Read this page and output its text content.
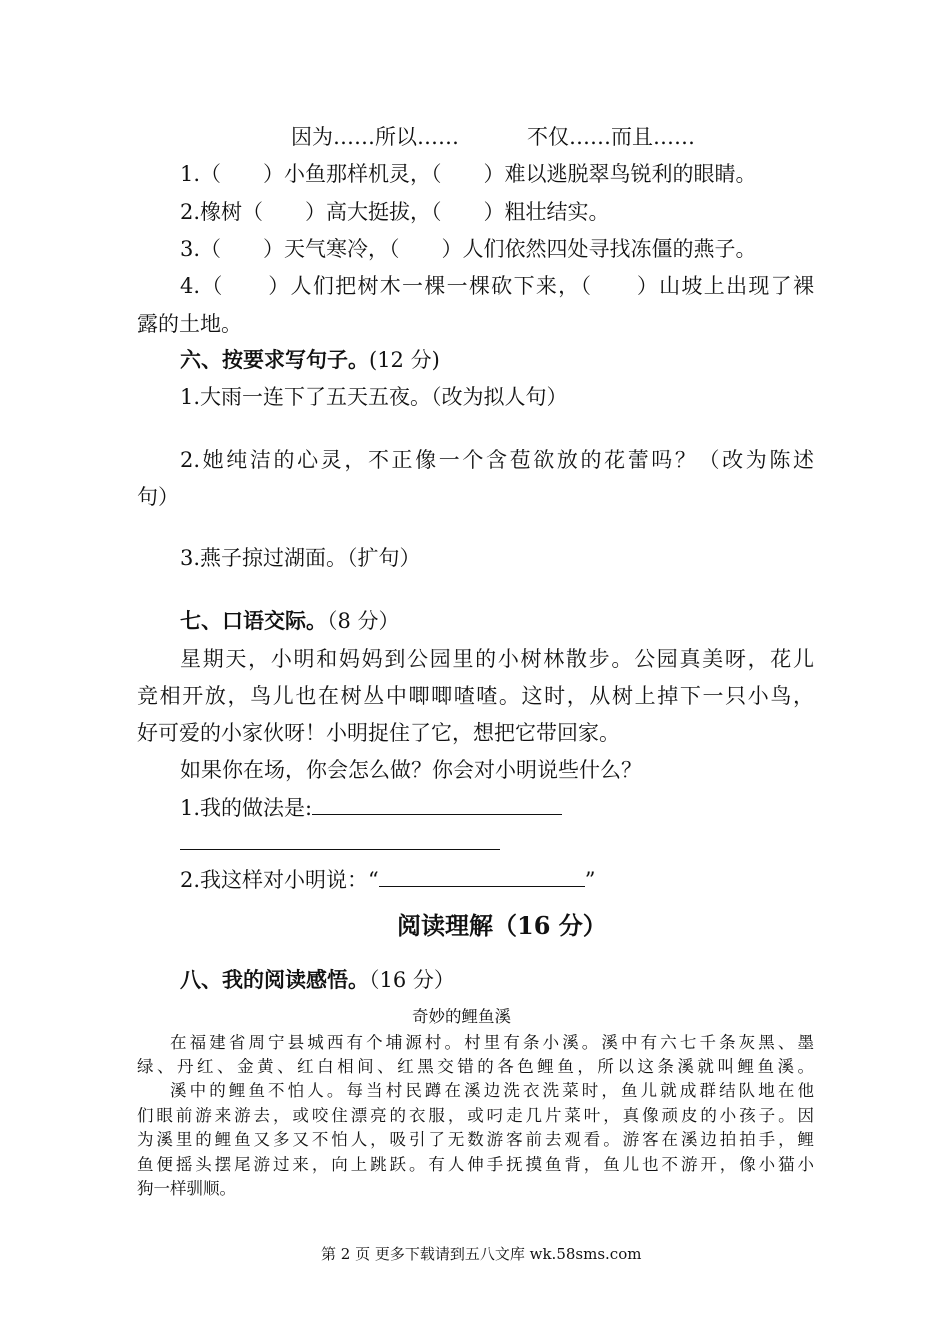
因为……所以……	不仅……而且……
1.（　　）小鱼那样机灵，（　　）难以逃脱翠鸟锐利的眼睛。
2.橡树（　　）高大挺拔，（　　）粗壮结实。
3.（　　）天气寒冷，（　　）人们依然四处寻找冻僵的燕子。
4.（　　）人们把树木一棵一棵砍下来，（　　）山坡上出现了裸
露的土地。
六、按要求写句子。(12 分)
1.大雨一连下了五天五夜。（改为拟人句）
2.她纯洁的心灵，不正像一个含苞欲放的花蕾吗？（改为陈述
句）
3.燕子掠过湖面。（扩句）
七、口语交际。（8 分）
星期天，小明和妈妈到公园里的小树林散步。公园真美呀，花儿
竞相开放，鸟儿也在树丛中唧唧喳喳。这时，从树上掉下一只小鸟，
好可爱的小家伙呀！小明捉住了它，想把它带回家。
如果你在场，你会怎么做？你会对小明说些什么？
1.我的做法是:
2.我这样对小明说：“	”
阅读理解（16 分）
八、我的阅读感悟。（16 分）
奇妙的鲤鱼溪
在福建省周宁县城西有个埔源村。村里有条小溪。溪中有六七千条灰黑、墨
绿、丹红、金黄、红白相间、红黑交错的各色鲤鱼，所以这条溪就叫鲤鱼溪。
溪中的鲤鱼不怕人。每当村民蹲在溪边洗衣洗菜时，鱼儿就成群结队地在他
们眼前游来游去，或咬住漂亮的衣服，或叼走几片菜叶，真像顽皮的小孩子。因
为溪里的鲤鱼又多又不怕人，吸引了无数游客前去观看。游客在溪边拍拍手，鲤
鱼便摇头摆尾游过来，向上跳跃。有人伸手抚摸鱼背，鱼儿也不游开，像小猫小
狗一样驯顺。
第 2 页 更多下载请到五八文库 wk.58sms.com
